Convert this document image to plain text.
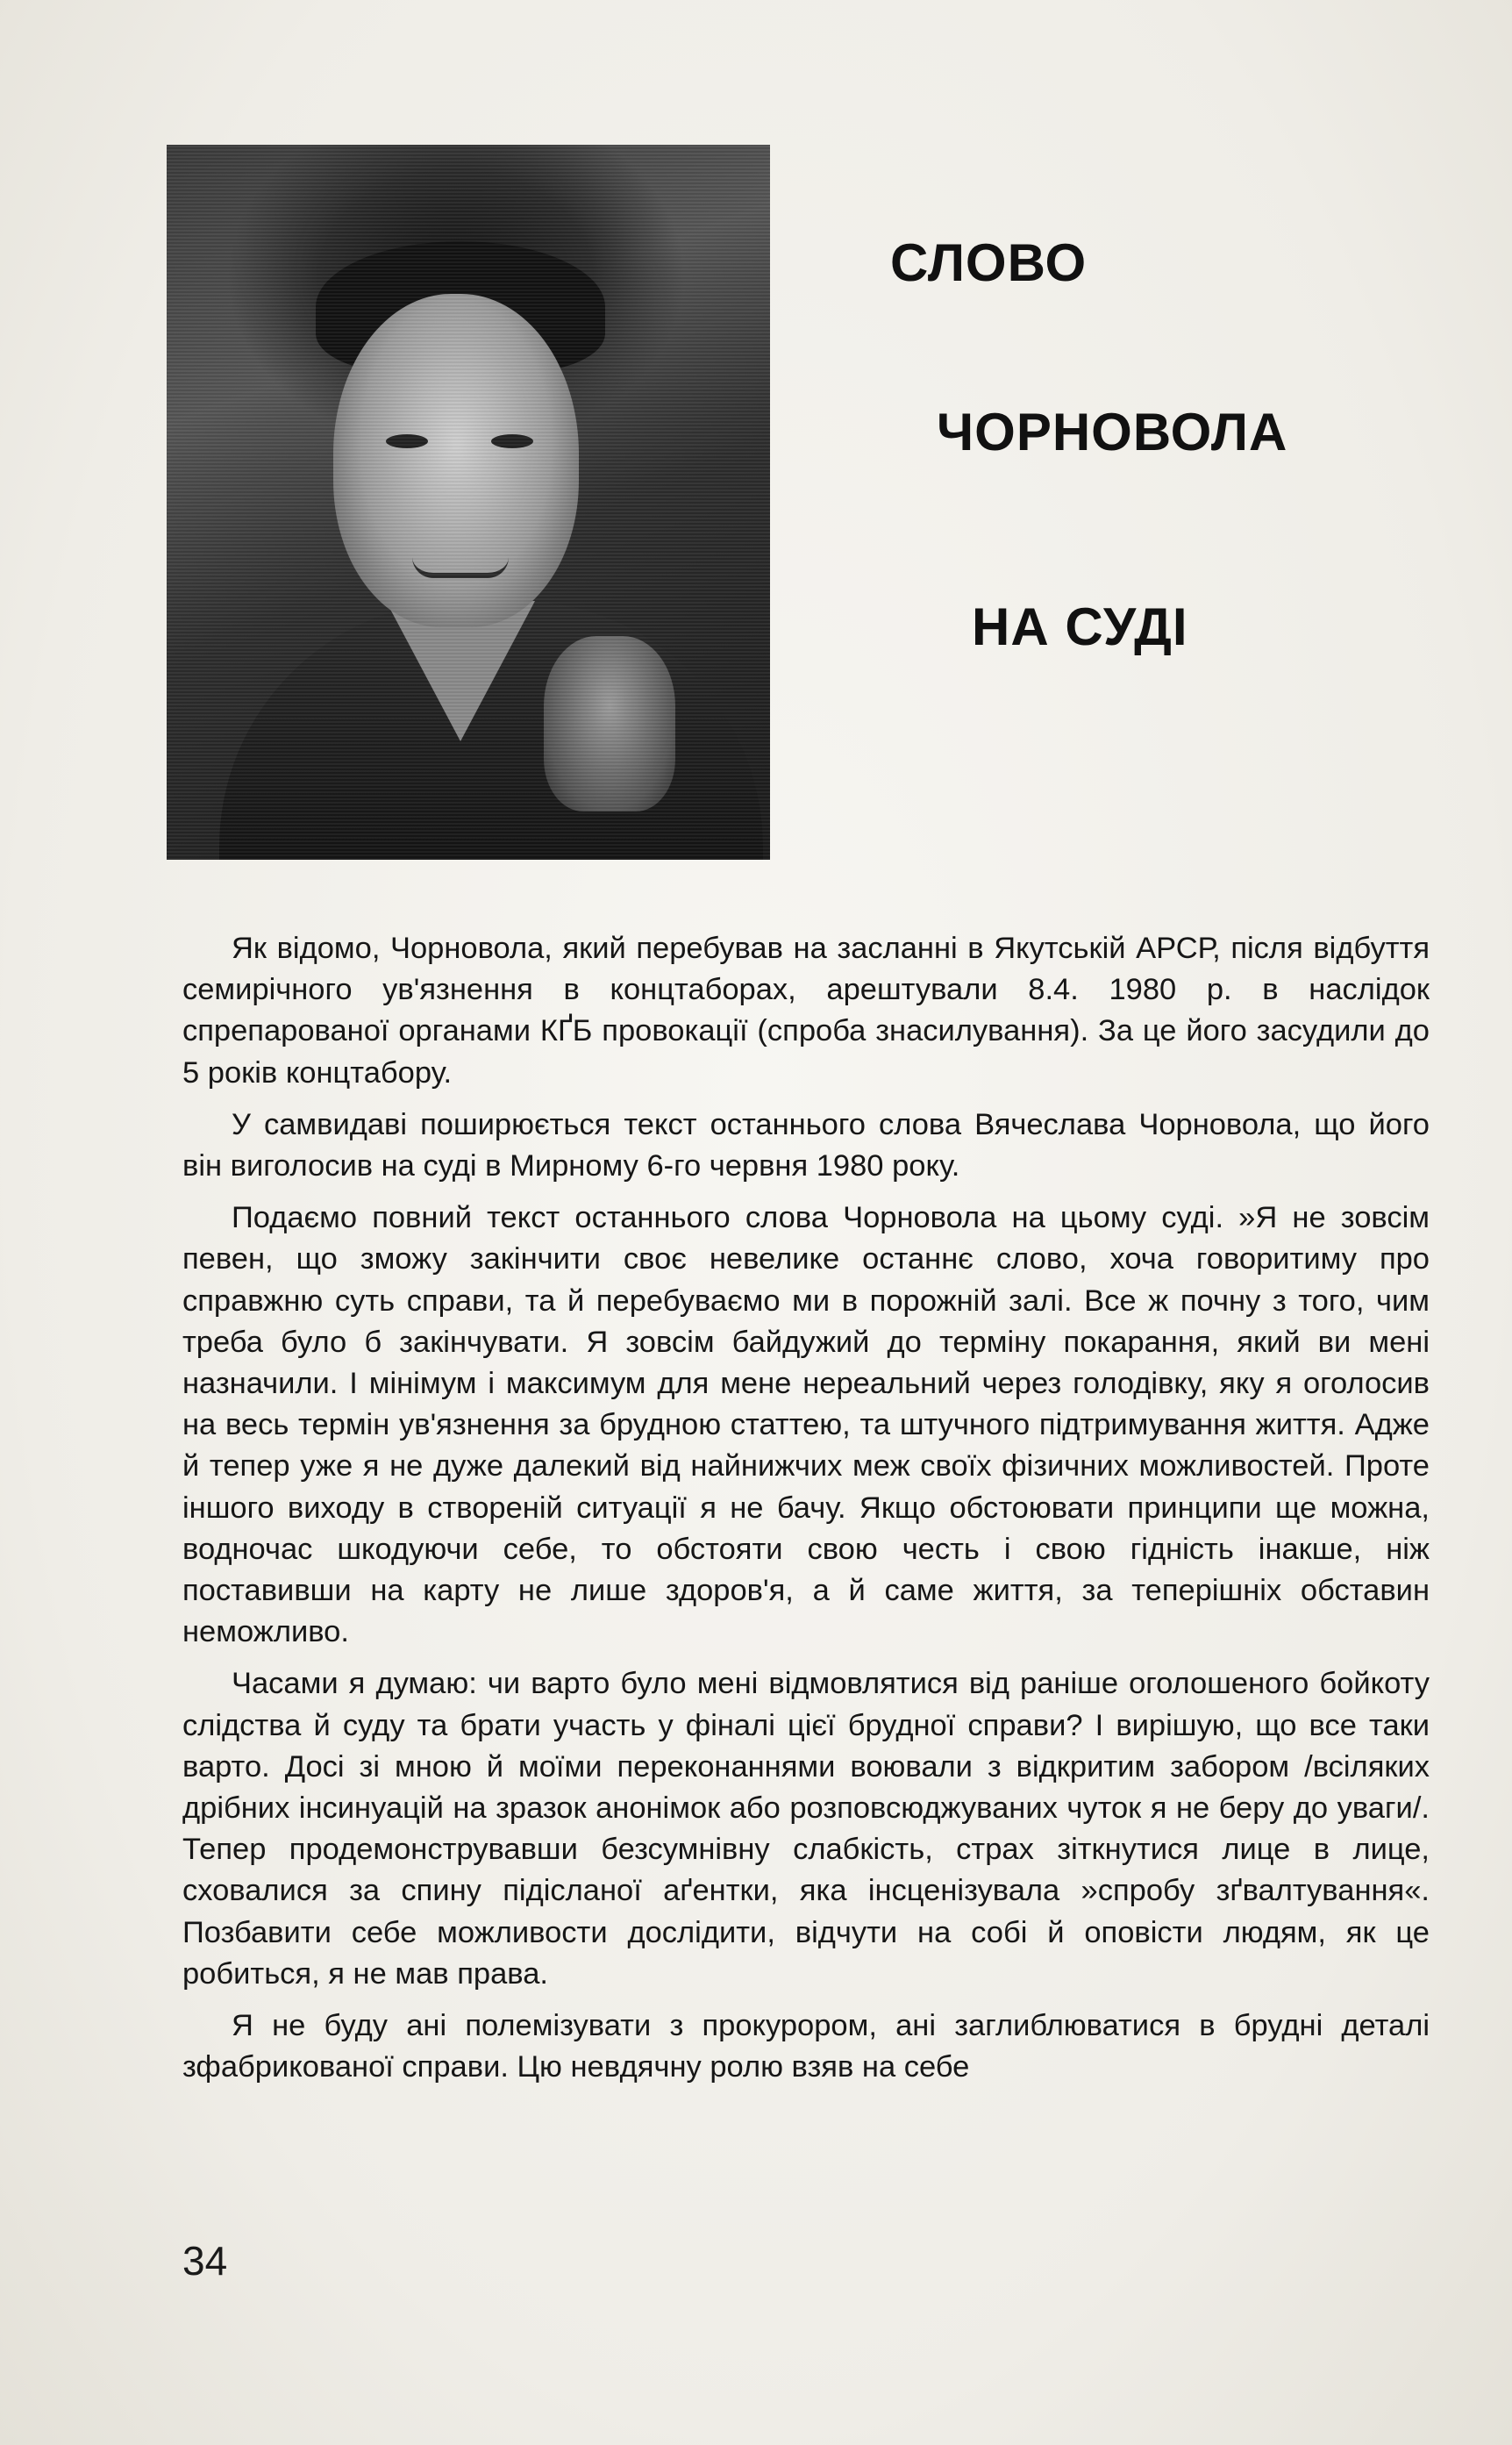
СЛОВО
ЧОРНОВОЛА
НА СУДІ

Як відомо, Чорновола, який перебував на засланні в Якутській АРСР, після відбуття семирічного ув'язнення в концтаборах, арештували 8.4. 1980 р. в наслідок спрепарованої органами КҐБ провокації (спроба знасилування). За це його засудили до 5 років концтабору.

У самвидаві поширюється текст останнього слова Вячеслава Чорновола, що його він виголосив на суді в Мирному 6-го червня 1980 року.

Подаємо повний текст останнього слова Чорновола на цьому суді. »Я не зовсім певен, що зможу закінчити своє невелике останнє слово, хоча говоритиму про справжню суть справи, та й перебуваємо ми в порожній залі. Все ж почну з того, чим треба було б закінчувати. Я зовсім байдужий до терміну покарання, який ви мені назначили. І мінімум і максимум для мене нереальний через голодівку, яку я оголосив на весь термін ув'язнення за брудною статтею, та штучного підтримування життя. Адже й тепер уже я не дуже далекий від найнижчих меж своїх фізичних можливостей. Проте іншого виходу в створеній ситуації я не бачу. Якщо обстоювати принципи ще можна, водночас шкодуючи себе, то обстояти свою честь і свою гідність інакше, ніж поставивши на карту не лише здоров'я, а й саме життя, за теперішніх обставин неможливо.

Часами я думаю: чи варто було мені відмовлятися від раніше оголошеного бойкоту слідства й суду та брати участь у фіналі цієї брудної справи? І вирішую, що все таки варто. Досі зі мною й моїми переконаннями воювали з відкритим забором /всіляких дрібних інсинуацій на зразок анонімок або розповсюджуваних чуток я не беру до уваги/. Тепер продемонструвавши безсумнівну слабкість, страх зіткнутися лице в лице, сховалися за спину підісланої аґентки, яка інсценізувала »спробу зґвалтування«. Позбавити себе можливости дослідити, відчути на собі й оповісти людям, як це робиться, я не мав права.

Я не буду ані полемізувати з прокурором, ані заглиблюватися в брудні деталі зфабрикованої справи. Цю невдячну ролю взяв на себе

34
